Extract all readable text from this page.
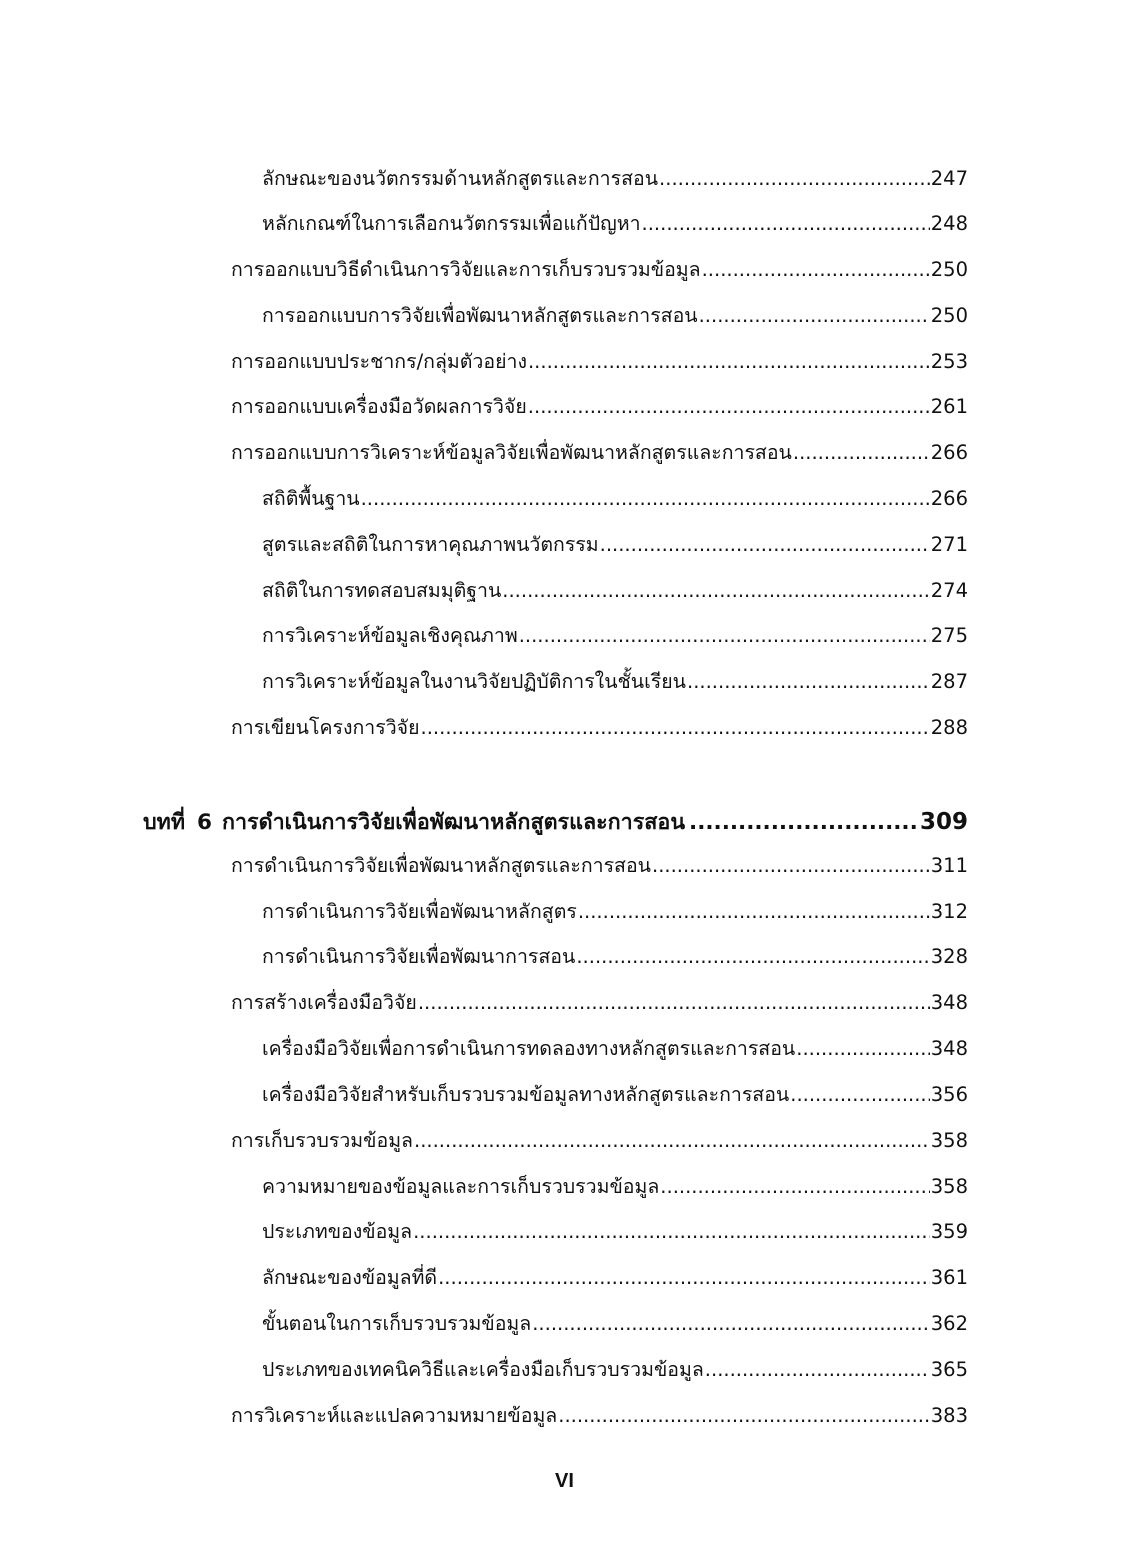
ลักษณะของนวัตกรรมด้านหลักสูตรและการสอน .....	247
หลักเกณฑ์ในการเลือกนวัตกรรมเพื่อแก้ปัญหา .....	248
การออกแบบวิธีดำเนินการวิจัยและการเก็บรวบรวมข้อมูล .....	250
การออกแบบการวิจัยเพื่อพัฒนาหลักสูตรและการสอน .....	250
การออกแบบประชากร/กลุ่มตัวอย่าง .....	253
การออกแบบเครื่องมือวัดผลการวิจัย .....	261
การออกแบบการวิเคราะห์ข้อมูลวิจัยเพื่อพัฒนาหลักสูตรและการสอน .....	266
สถิติพื้นฐาน .....	266
สูตรและสถิติในการหาคุณภาพนวัตกรรม .....	271
สถิติในการทดสอบสมมุติฐาน .....	274
การวิเคราะห์ข้อมูลเชิงคุณภาพ .....	275
การวิเคราะห์ข้อมูลในงานวิจัยปฏิบัติการในชั้นเรียน .....	287
การเขียนโครงการวิจัย .....	288
บทที่ 6 การดำเนินการวิจัยเพื่อพัฒนาหลักสูตรและการสอน .....	309
การดำเนินการวิจัยเพื่อพัฒนาหลักสูตรและการสอน .....	311
การดำเนินการวิจัยเพื่อพัฒนาหลักสูตร .....	312
การดำเนินการวิจัยเพื่อพัฒนาการสอน .....	328
การสร้างเครื่องมือวิจัย .....	348
เครื่องมือวิจัยเพื่อการดำเนินการทดลองทางหลักสูตรและการสอน .....	348
เครื่องมือวิจัยสำหรับเก็บรวบรวมข้อมูลทางหลักสูตรและการสอน .....	356
การเก็บรวบรวมข้อมูล .....	358
ความหมายของข้อมูลและการเก็บรวบรวมข้อมูล .....	358
ประเภทของข้อมูล .....	359
ลักษณะของข้อมูลที่ดี .....	361
ขั้นตอนในการเก็บรวบรวมข้อมูล .....	362
ประเภทของเทคนิควิธีและเครื่องมือเก็บรวบรวมข้อมูล .....	365
การวิเคราะห์และแปลความหมายข้อมูล .....	383
VI
